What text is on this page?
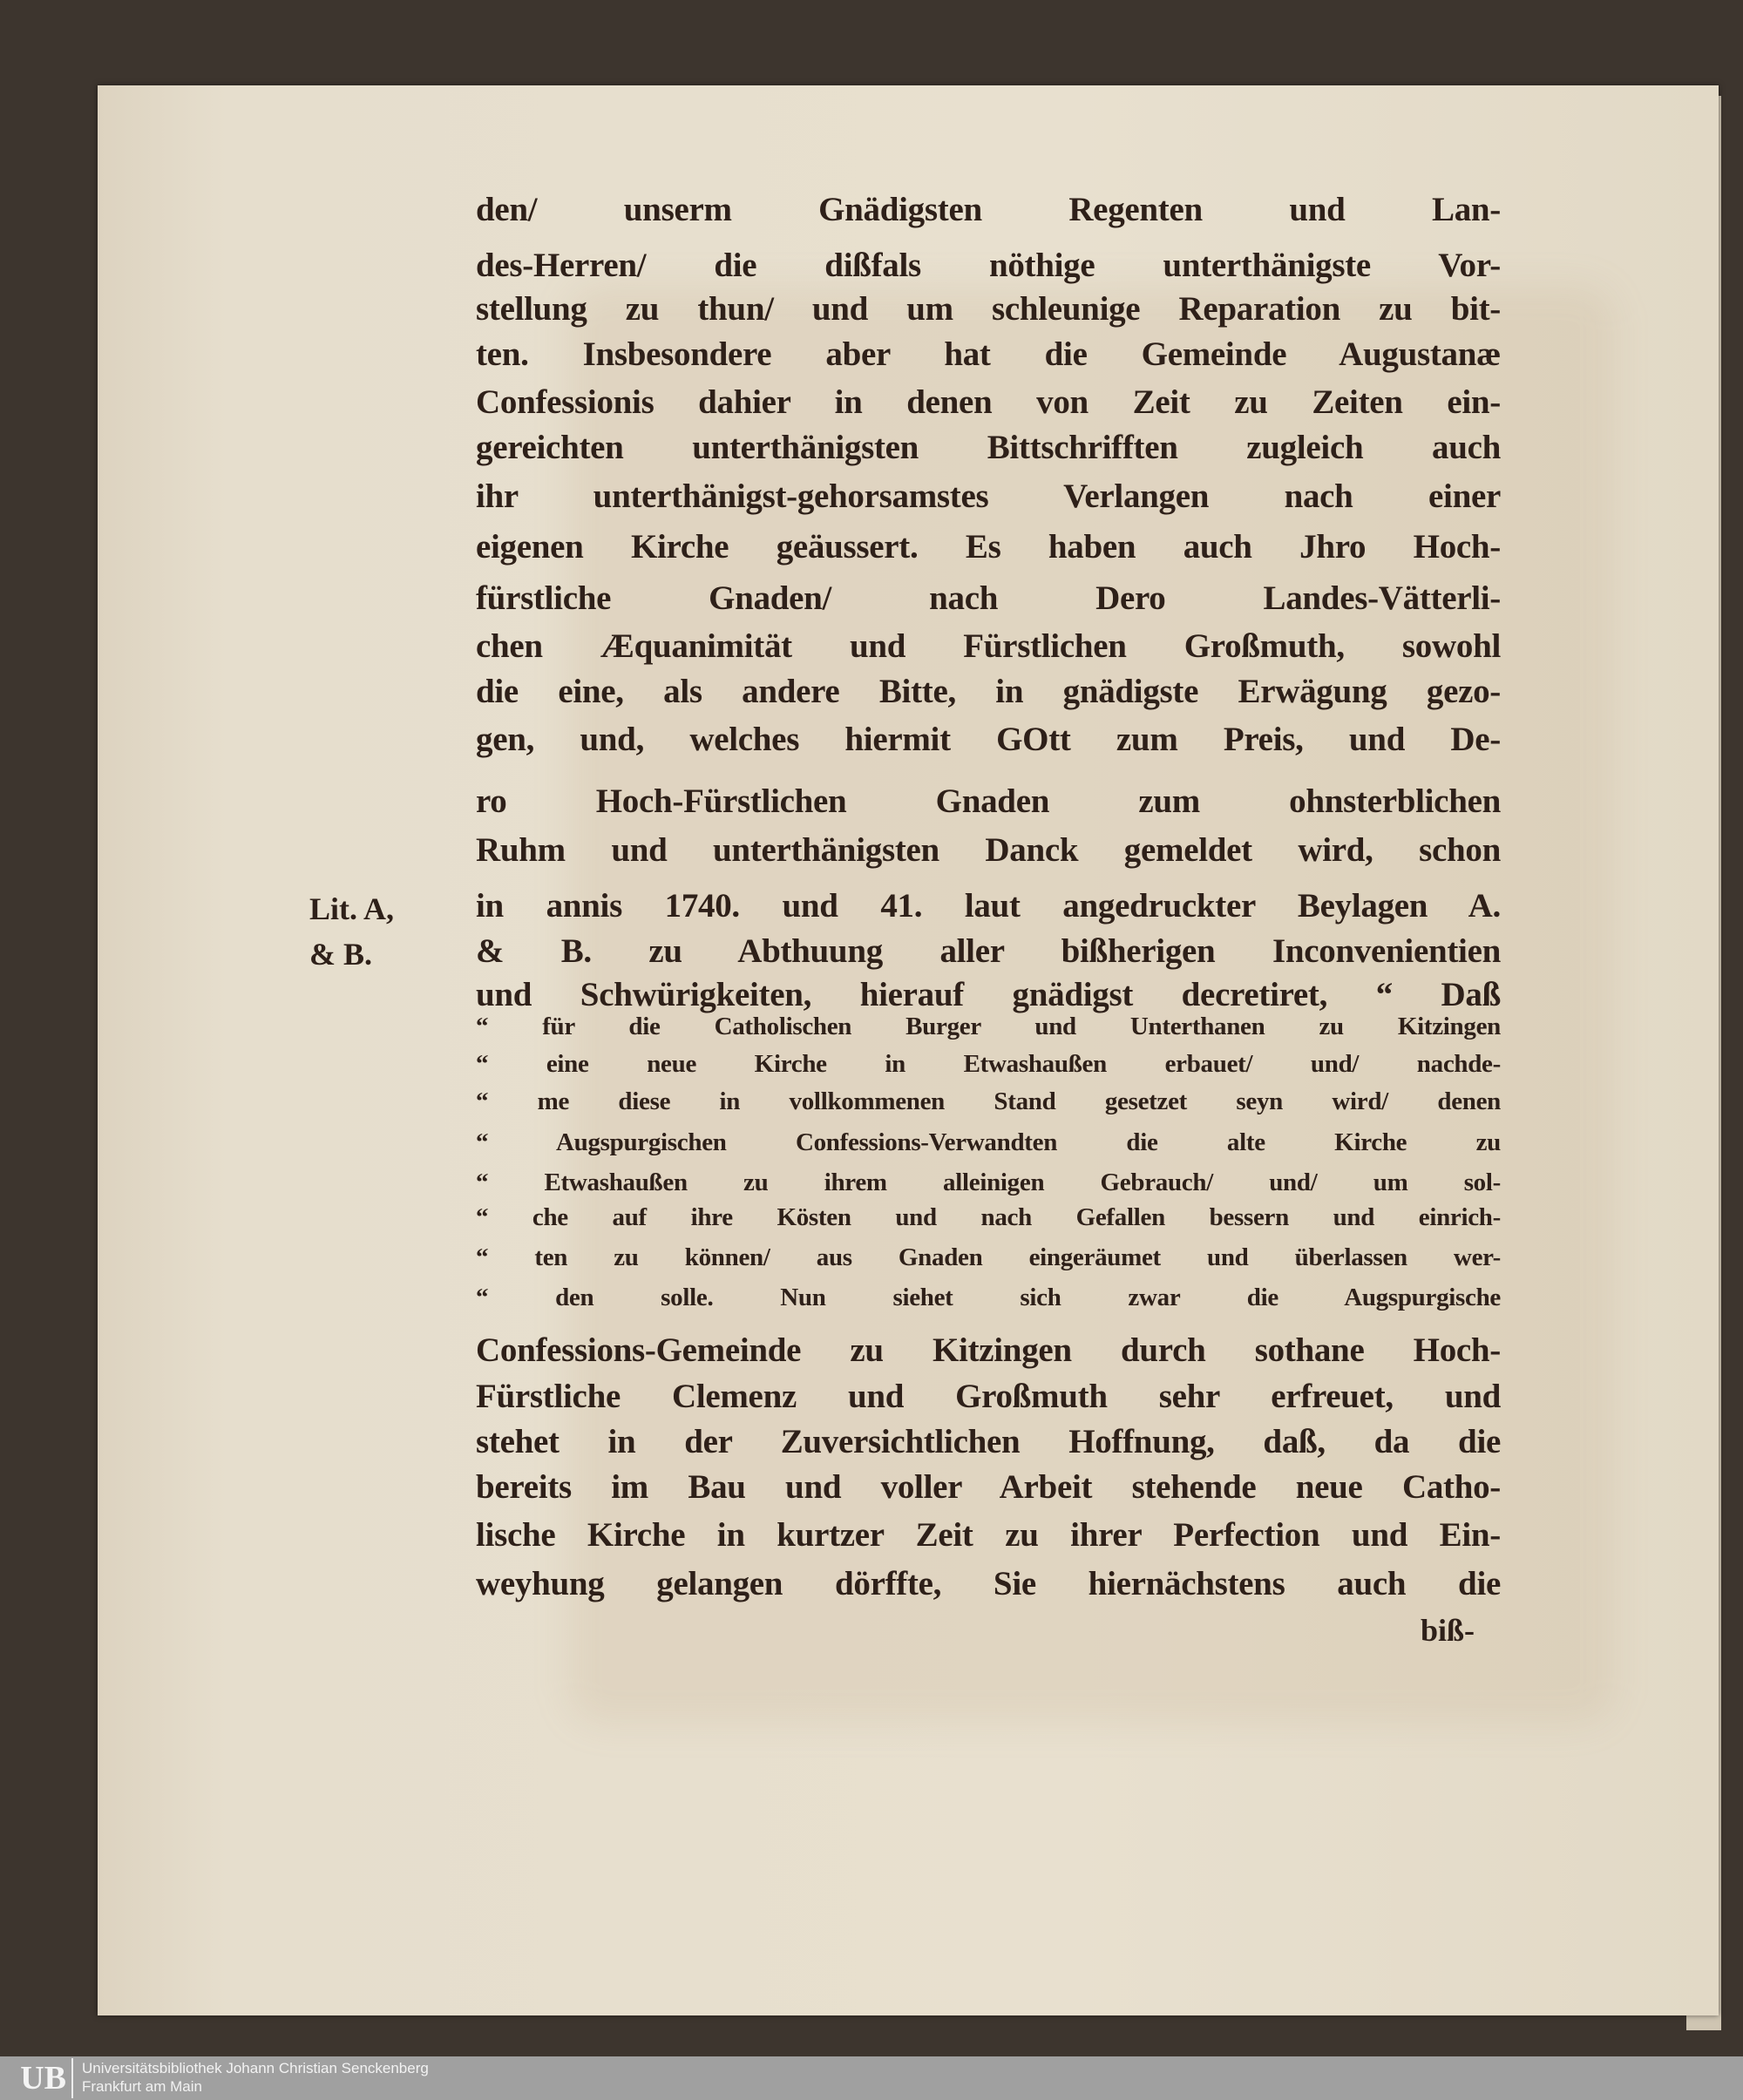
den/ unserm Gnädigsten Regenten und Lan-
des-Herren/ die dißfals nöthige unterthänigste Vor-
stellung zu thun/ und um schleunige Reparation zu bit-
ten. Insbesondere aber hat die Gemeinde Augustanæ
Confessionis dahier in denen von Zeit zu Zeiten ein-
gereichten unterthänigsten Bittschrifften zugleich auch
ihr unterthänigst-gehorsamstes Verlangen nach einer
eigenen Kirche geäussert. Es haben auch Jhro Hoch-
fürstliche Gnaden/ nach Dero Landes-Vätterli-
chen Æquanimität und Fürstlichen Großmuth, sowohl
die eine, als andere Bitte, in gnädigste Erwägung gezo-
gen, und, welches hiermit GOtt zum Preis, und De-
ro Hoch-Fürstlichen Gnaden zum ohnsterblichen
Ruhm und unterthänigsten Danck gemeldet wird, schon
in annis 1740. und 41. laut angedruckter Beylagen A.
& B. zu Abthuung aller bißherigen Inconvenientien
und Schwürigkeiten, hierauf gnädigst decretiret, “ Daß
“ für die Catholischen Burger und Unterthanen zu Kitzingen
“ eine neue Kirche in Etwashaußen erbauet/ und/ nachde-
“ me diese in vollkommenen Stand gesetzet seyn wird/ denen
“ Augspurgischen Confessions-Verwandten die alte Kirche zu
“ Etwashaußen zu ihrem alleinigen Gebrauch/ und/ um sol-
“ che auf ihre Kösten und nach Gefallen bessern und einrich-
“ ten zu können/ aus Gnaden eingeräumet und überlassen wer-
“ den solle. Nun siehet sich zwar die Augspurgische
Confessions-Gemeinde zu Kitzingen durch sothane Hoch-
Fürstliche Clemenz und Großmuth sehr erfreuet, und
stehet in der Zuversichtlichen Hoffnung, daß, da die
bereits im Bau und voller Arbeit stehende neue Catho-
lische Kirche in kurtzer Zeit zu ihrer Perfection und Ein-
weyhung gelangen dörffte, Sie hiernächstens auch die
Lit. A,
& B.
biß-
UB	Universitätsbibliothek Johann Christian Senckenberg
Frankfurt am Main
